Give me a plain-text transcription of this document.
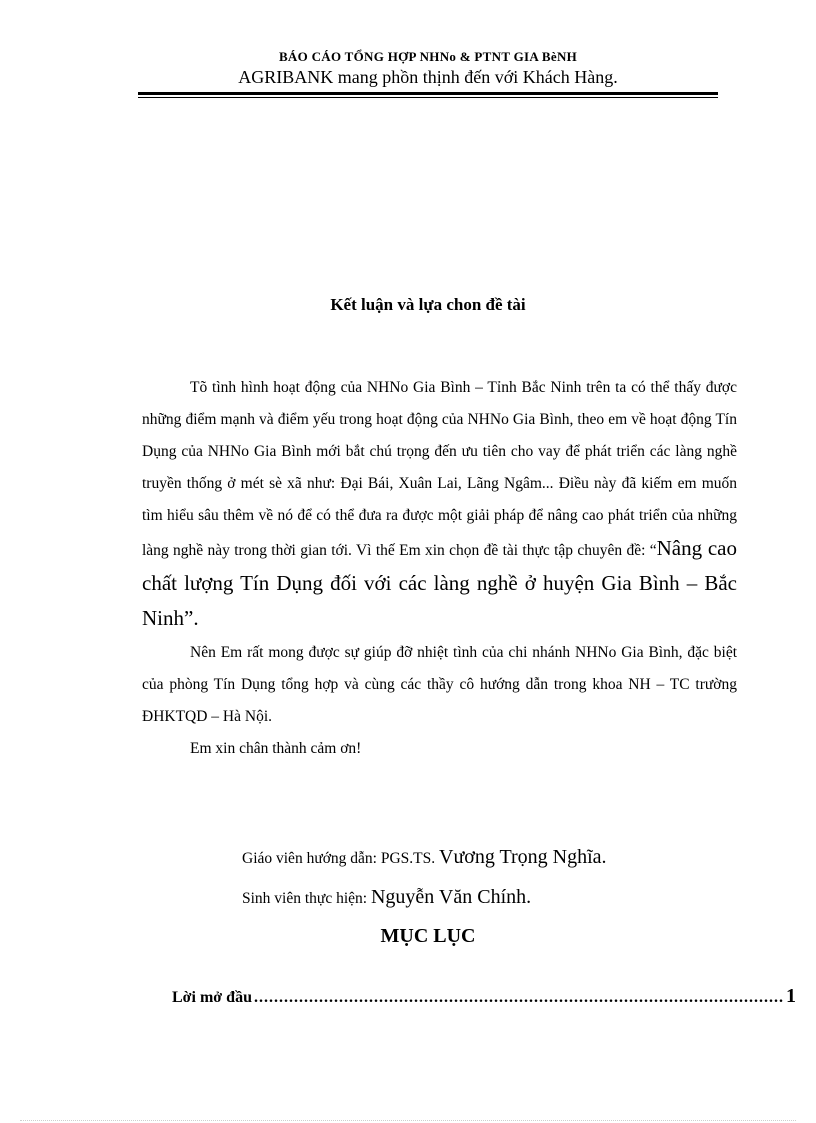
BÁO CÁO TỔNG HỢP NHNo & PTNT GIA BèNH
AGRIBANK mang phồn thịnh đến với Khách Hàng.
Kết luận và lựa chon đề tài

Tõ tình hình hoạt động của NHNo Gia Bình – Tỉnh Bắc Ninh trên ta có thể thấy được những điểm mạnh và điểm yếu trong hoạt động của NHNo Gia Bình, theo em về hoạt động Tín Dụng của NHNo Gia Bình mới bắt chú trọng đến ưu tiên cho vay để phát triển các làng nghề truyền thống ở mét sè xã như: Đại Bái, Xuân Lai, Lãng Ngâm... Điều này đã kiếm em muốn tìm hiểu sâu thêm về nó để có thể đưa ra được một giải pháp để nâng cao phát triển của những làng nghề này trong thời gian tới. Vì thế Em xin chọn đề tài thực tập chuyên đề: “Nâng cao chất lượng Tín Dụng đối với các làng nghề ở huyện Gia Bình – Bắc Ninh”.

Nên Em rất mong được sự giúp đỡ nhiệt tình của chi nhánh NHNo Gia Bình, đặc biệt của phòng Tín Dụng tổng hợp và cùng các thầy cô hướng dẫn trong khoa NH – TC trường ĐHKTQD – Hà Nội.

Em xin chân thành cảm ơn!

Giáo viên hướng dẫn: PGS.TS. Vương Trọng Nghĩa.
Sinh viên thực hiện: Nguyễn Văn Chính.
MỤC LỤC
Lời mở đầu .......................................................................................................... 1
